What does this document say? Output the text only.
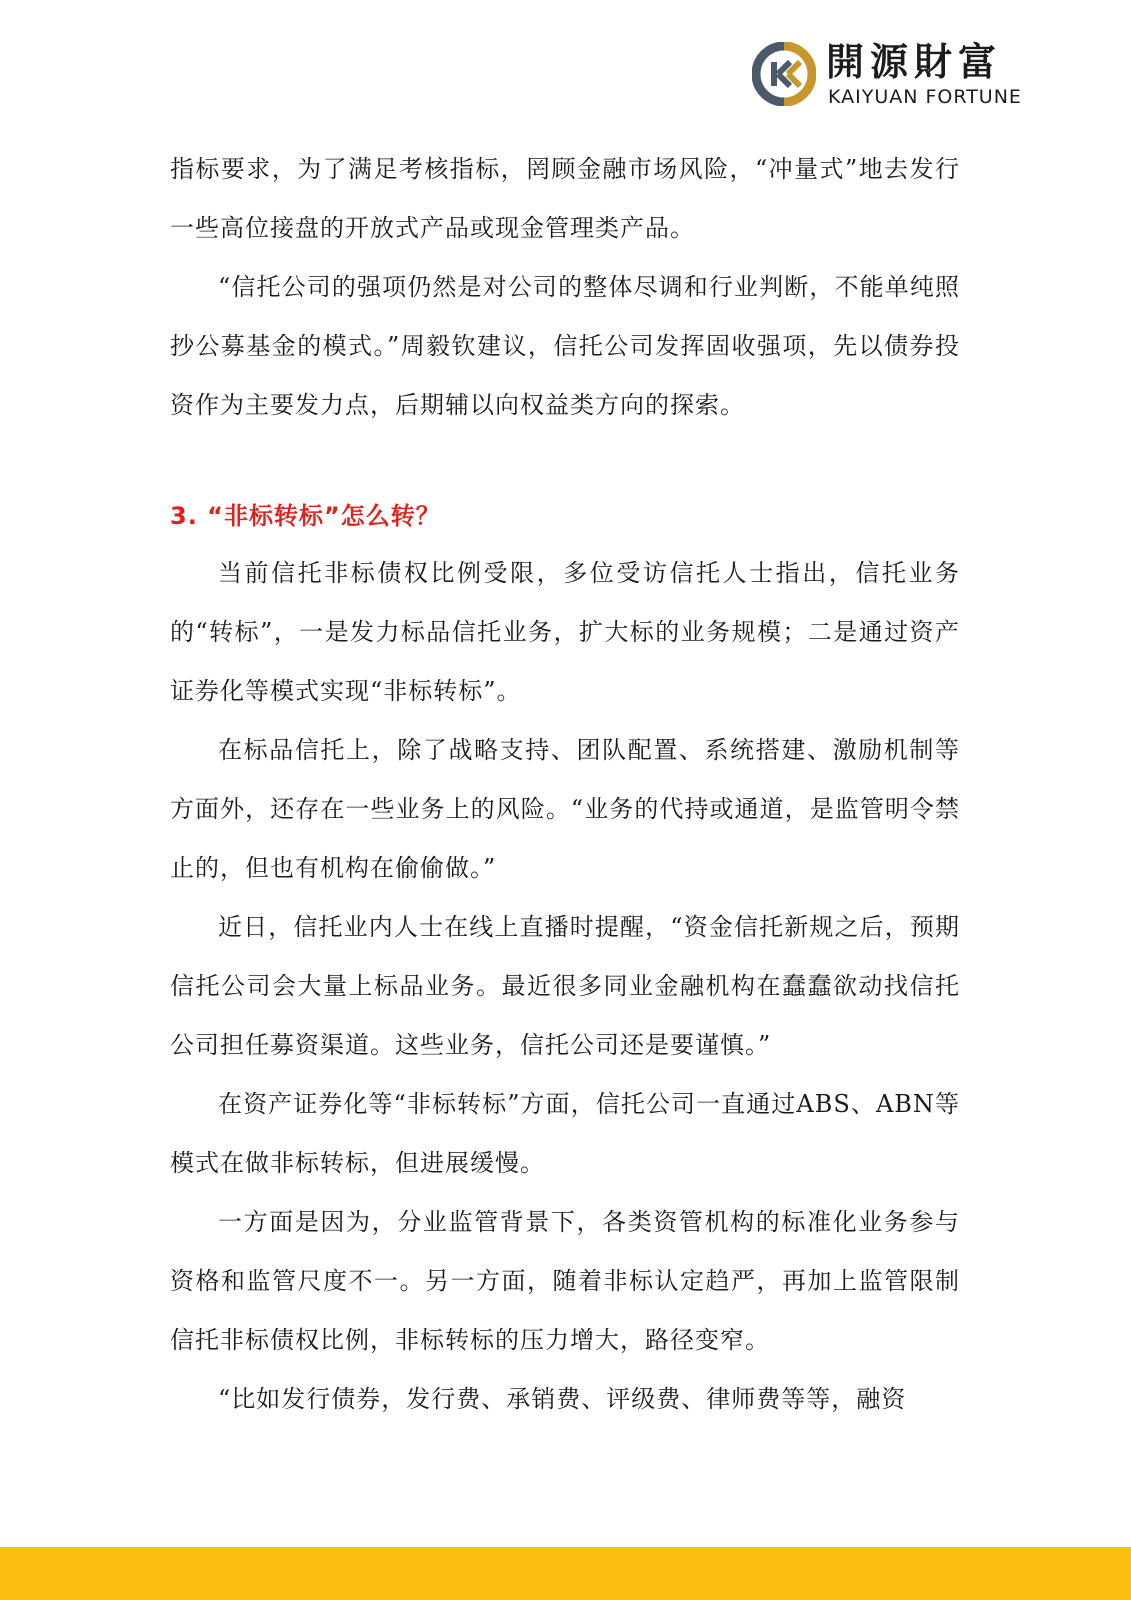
開源財富
KAIYUAN FORTUNE

指标要求，为了满足考核指标，罔顾金融市场风险，“冲量式”地去发行一些高位接盘的开放式产品或现金管理类产品。

“信托公司的强项仍然是对公司的整体尽调和行业判断，不能单纯照抄公募基金的模式。”周毅钦建议，信托公司发挥固收强项，先以债券投资作为主要发力点，后期辅以向权益类方向的探索。

3. “非标转标”怎么转？

当前信托非标债权比例受限，多位受访信托人士指出，信托业务的“转标”，一是发力标品信托业务，扩大标的业务规模；二是通过资产证券化等模式实现“非标转标”。

在标品信托上，除了战略支持、团队配置、系统搭建、激励机制等方面外，还存在一些业务上的风险。“业务的代持或通道，是监管明令禁止的，但也有机构在偷偷做。”

近日，信托业内人士在线上直播时提醒，“资金信托新规之后，预期信托公司会大量上标品业务。最近很多同业金融机构在蠢蠢欲动找信托公司担任募资渠道。这些业务，信托公司还是要谨慎。”

在资产证券化等“非标转标”方面，信托公司一直通过ABS、ABN等模式在做非标转标，但进展缓慢。

一方面是因为，分业监管背景下，各类资管机构的标准化业务参与资格和监管尺度不一。另一方面，随着非标认定趋严，再加上监管限制信托非标债权比例，非标转标的压力增大，路径变窄。

“比如发行债券，发行费、承销费、评级费、律师费等等，融资
